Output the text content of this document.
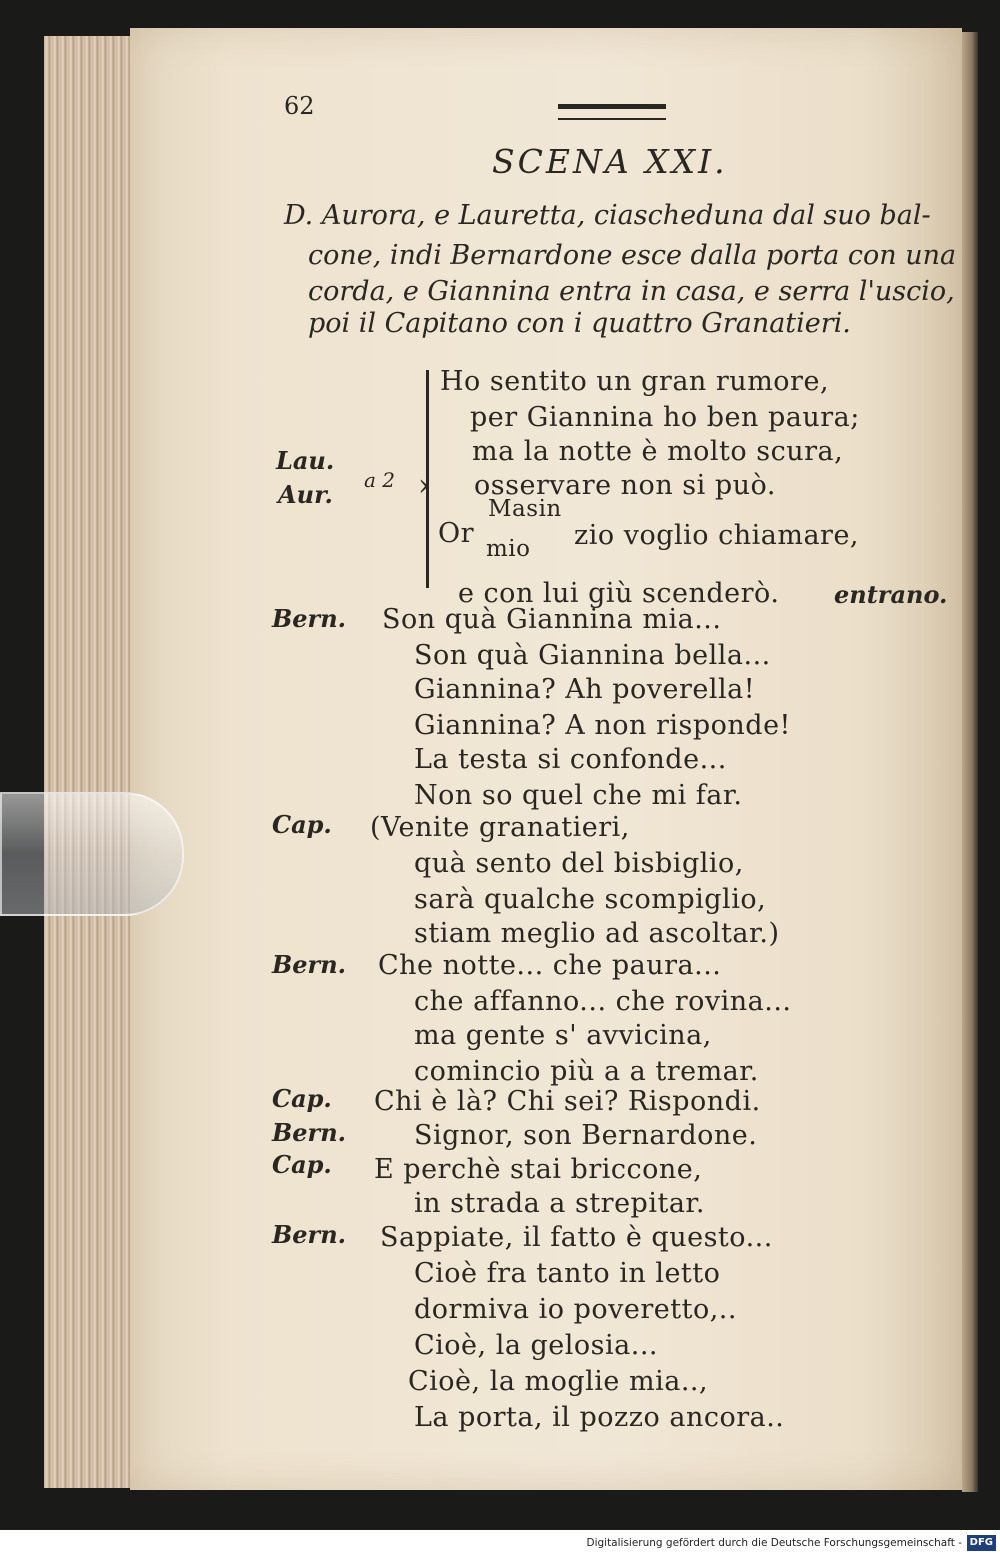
62
SCENA XXI.
D. Aurora, e Lauretta, ciascheduna dal suo bal-
cone, indi Bernardone esce dalla porta con una
corda, e Giannina entra in casa, e serra l'uscio,
poi il Capitano con i quattro Granatieri.
›
Lau.
Aur. a 2
Ho sentito un gran rumore,
per Giannina ho ben paura;
ma la notte è molto scura,
osservare non si può.
Or
Masin
mio zio voglio chiamare,
e con lui giù scenderò. entrano.
Bern. Son quà Giannina mia...
Son quà Giannina bella...
Giannina? Ah poverella!
Giannina? A non risponde!
La testa si confonde...
Non so quel che mi far.
Cap. (Venite granatieri,
quà sento del bisbiglio,
sarà qualche scompiglio,
stiam meglio ad ascoltar.)
Bern. Che notte... che paura...
che affanno... che rovina...
ma gente s' avvicina,
comincio più a a tremar.
Cap. Chi è là? Chi sei? Rispondi.
Bern.	Signor, son Bernardone.
Cap. E perchè stai briccone,
in strada a strepitar.
Bern. Sappiate, il fatto è questo...
Cioè fra tanto in letto
dormiva io poveretto,..
Cioè, la gelosia...
Cioè, la moglie mia..,
La porta, il pozzo ancora..
Digitalisierung gefördert durch die Deutsche Forschungsgemeinschaft - DFG
